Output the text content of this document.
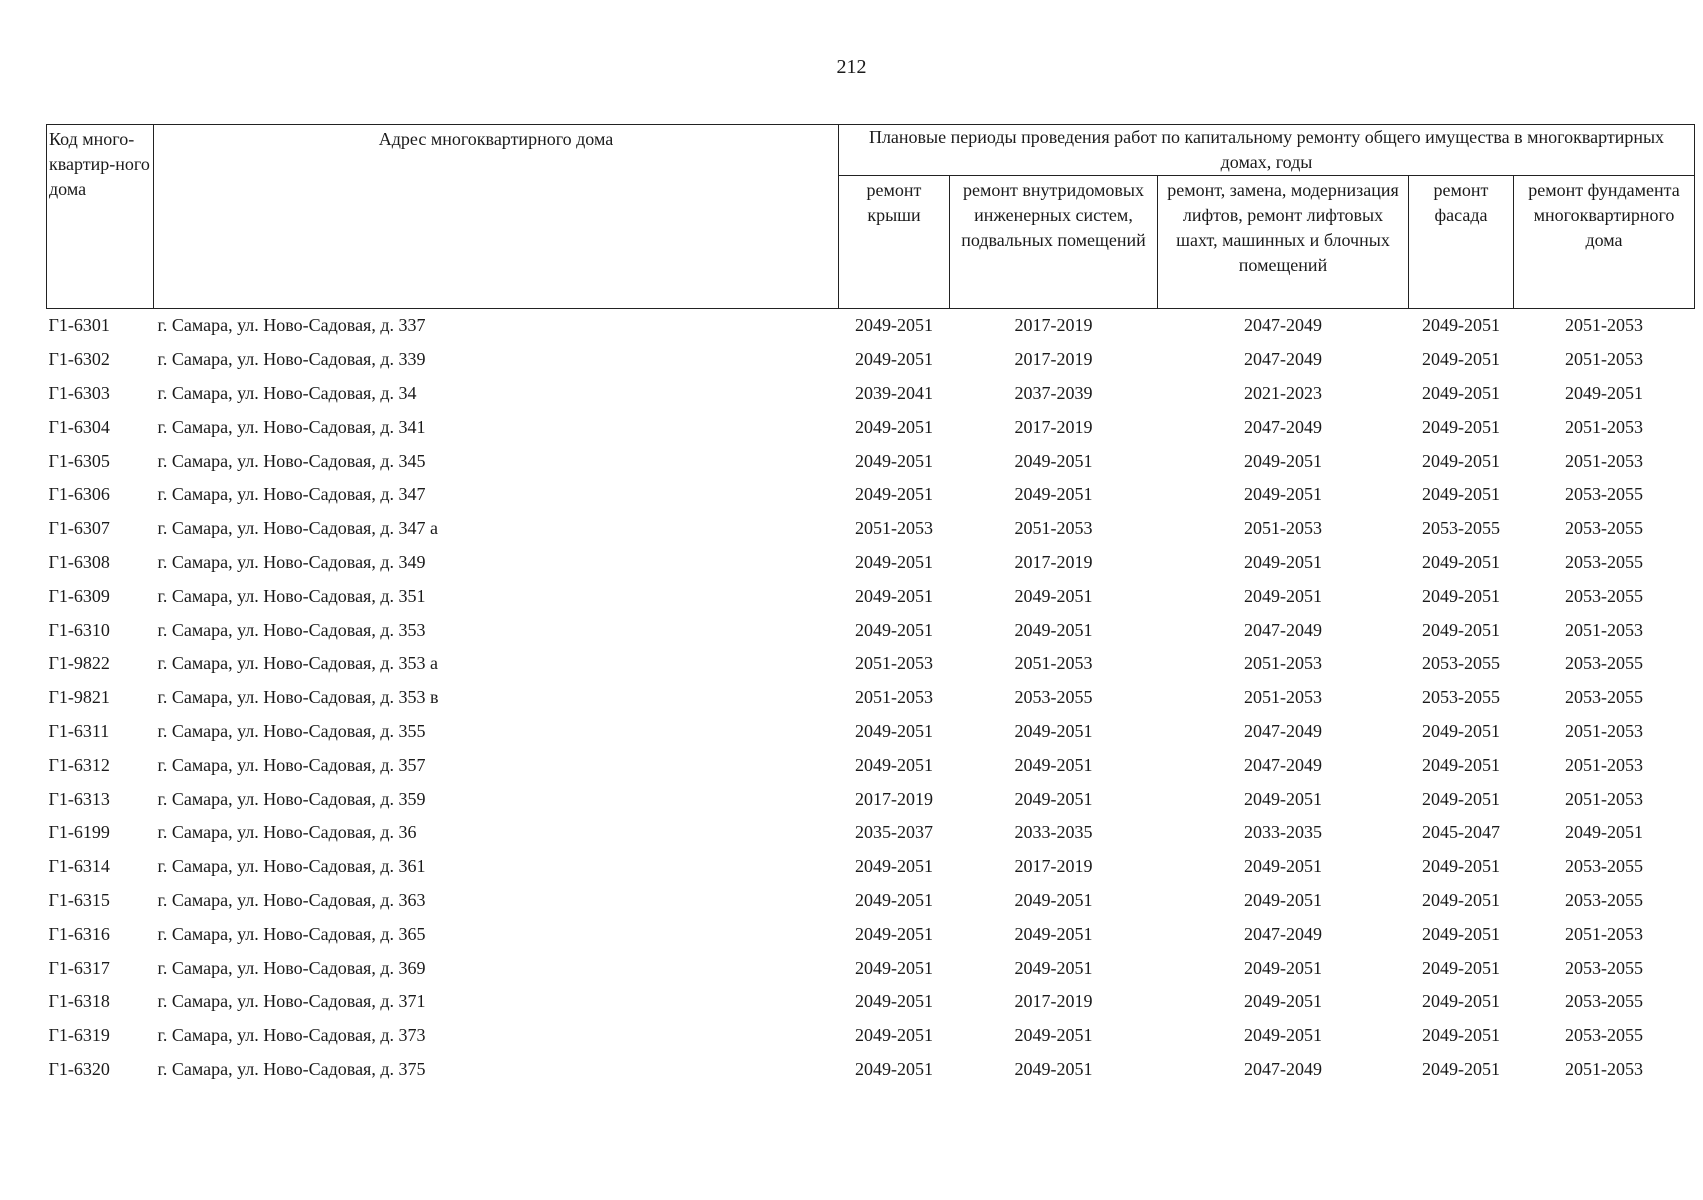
212
Код много-квартир-ного дома	Адрес многоквартирного дома	Плановые периоды проведения работ по капитальному ремонту общего имущества в многоквартирных домах, годы				

		ремонт крыши	ремонт внутридомовых инженерных систем, подвальных помещений	ремонт, замена, модернизация лифтов, ремонт лифтовых шахт, машинных и блочных помещений	ремонт фасада	ремонт фундамента многоквартирного дома

Г1-6301	г. Самара, ул. Ново-Садовая, д. 337	2049-2051	2017-2019	2047-2049	2049-2051	2051-2053
Г1-6302	г. Самара, ул. Ново-Садовая, д. 339	2049-2051	2017-2019	2047-2049	2049-2051	2051-2053
Г1-6303	г. Самара, ул. Ново-Садовая, д. 34	2039-2041	2037-2039	2021-2023	2049-2051	2049-2051
Г1-6304	г. Самара, ул. Ново-Садовая, д. 341	2049-2051	2017-2019	2047-2049	2049-2051	2051-2053
Г1-6305	г. Самара, ул. Ново-Садовая, д. 345	2049-2051	2049-2051	2049-2051	2049-2051	2051-2053
Г1-6306	г. Самара, ул. Ново-Садовая, д. 347	2049-2051	2049-2051	2049-2051	2049-2051	2053-2055
Г1-6307	г. Самара, ул. Ново-Садовая, д. 347 а	2051-2053	2051-2053	2051-2053	2053-2055	2053-2055
Г1-6308	г. Самара, ул. Ново-Садовая, д. 349	2049-2051	2017-2019	2049-2051	2049-2051	2053-2055
Г1-6309	г. Самара, ул. Ново-Садовая, д. 351	2049-2051	2049-2051	2049-2051	2049-2051	2053-2055
Г1-6310	г. Самара, ул. Ново-Садовая, д. 353	2049-2051	2049-2051	2047-2049	2049-2051	2051-2053
Г1-9822	г. Самара, ул. Ново-Садовая, д. 353 а	2051-2053	2051-2053	2051-2053	2053-2055	2053-2055
Г1-9821	г. Самара, ул. Ново-Садовая, д. 353 в	2051-2053	2053-2055	2051-2053	2053-2055	2053-2055
Г1-6311	г. Самара, ул. Ново-Садовая, д. 355	2049-2051	2049-2051	2047-2049	2049-2051	2051-2053
Г1-6312	г. Самара, ул. Ново-Садовая, д. 357	2049-2051	2049-2051	2047-2049	2049-2051	2051-2053
Г1-6313	г. Самара, ул. Ново-Садовая, д. 359	2017-2019	2049-2051	2049-2051	2049-2051	2051-2053
Г1-6199	г. Самара, ул. Ново-Садовая, д. 36	2035-2037	2033-2035	2033-2035	2045-2047	2049-2051
Г1-6314	г. Самара, ул. Ново-Садовая, д. 361	2049-2051	2017-2019	2049-2051	2049-2051	2053-2055
Г1-6315	г. Самара, ул. Ново-Садовая, д. 363	2049-2051	2049-2051	2049-2051	2049-2051	2053-2055
Г1-6316	г. Самара, ул. Ново-Садовая, д. 365	2049-2051	2049-2051	2047-2049	2049-2051	2051-2053
Г1-6317	г. Самара, ул. Ново-Садовая, д. 369	2049-2051	2049-2051	2049-2051	2049-2051	2053-2055
Г1-6318	г. Самара, ул. Ново-Садовая, д. 371	2049-2051	2017-2019	2049-2051	2049-2051	2053-2055
Г1-6319	г. Самара, ул. Ново-Садовая, д. 373	2049-2051	2049-2051	2049-2051	2049-2051	2053-2055
Г1-6320	г. Самара, ул. Ново-Садовая, д. 375	2049-2051	2049-2051	2047-2049	2049-2051	2051-2053
